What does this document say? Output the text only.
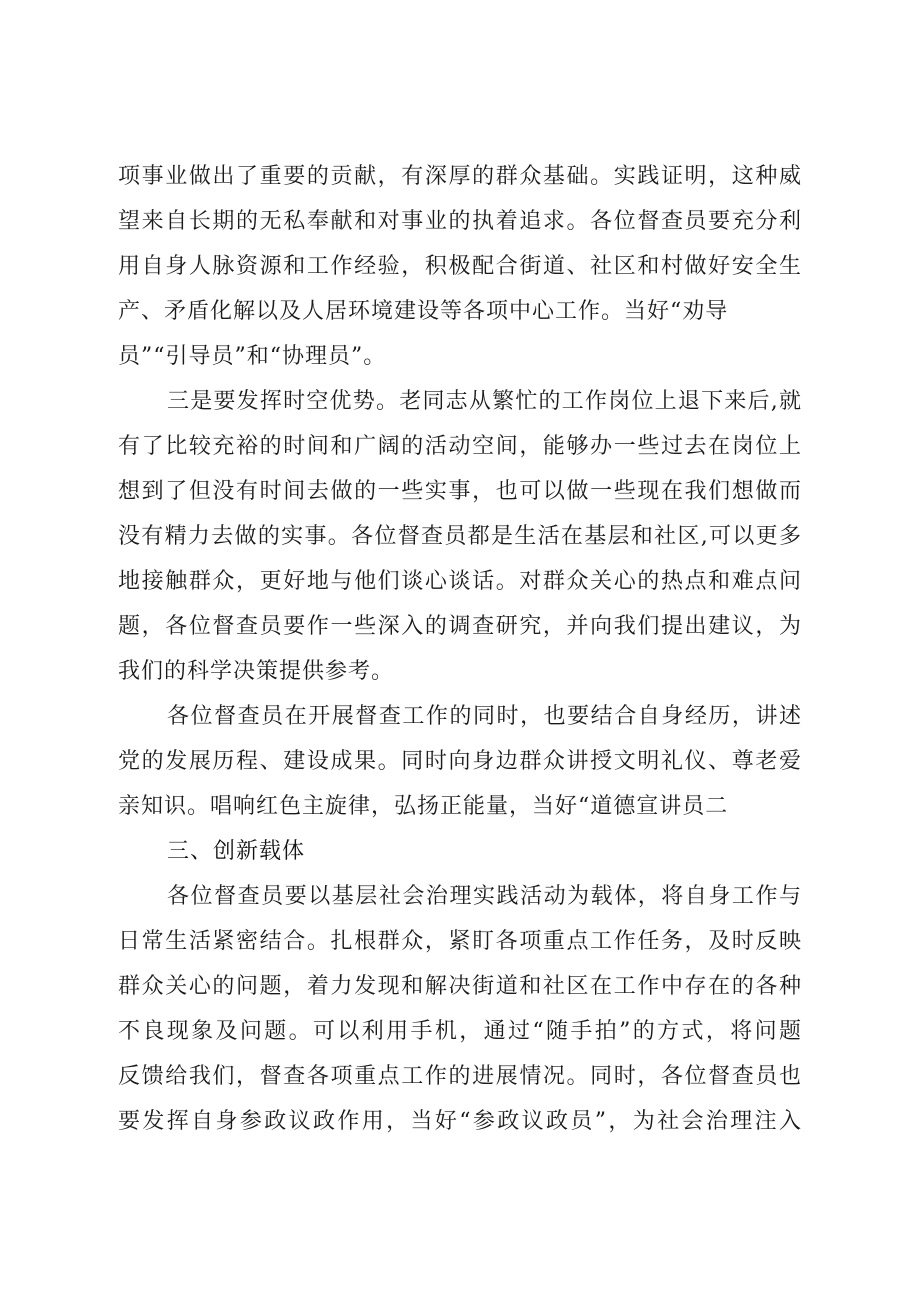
项事业做出了重要的贡献，有深厚的群众基础。实践证明，这种威
望来自长期的无私奉献和对事业的执着追求。各位督查员要充分利
用自身人脉资源和工作经验，积极配合街道、社区和村做好安全生
产、矛盾化解以及人居环境建设等各项中心工作。当好“劝导
员”“引导员”和“协理员”。
三是要发挥时空优势。老同志从繁忙的工作岗位上退下来后,就
有了比较充裕的时间和广阔的活动空间，能够办一些过去在岗位上
想到了但没有时间去做的一些实事，也可以做一些现在我们想做而
没有精力去做的实事。各位督查员都是生活在基层和社区,可以更多
地接触群众，更好地与他们谈心谈话。对群众关心的热点和难点问
题，各位督查员要作一些深入的调查研究，并向我们提出建议，为
我们的科学决策提供参考。
各位督查员在开展督查工作的同时，也要结合自身经历，讲述
党的发展历程、建设成果。同时向身边群众讲授文明礼仪、尊老爱
亲知识。唱响红色主旋律，弘扬正能量，当好“道德宣讲员二
三、创新载体
各位督查员要以基层社会治理实践活动为载体，将自身工作与
日常生活紧密结合。扎根群众，紧盯各项重点工作任务，及时反映
群众关心的问题，着力发现和解决街道和社区在工作中存在的各种
不良现象及问题。可以利用手机，通过“随手拍”的方式，将问题
反馈给我们，督查各项重点工作的进展情况。同时，各位督查员也
要发挥自身参政议政作用，当好“参政议政员”，为社会治理注入
